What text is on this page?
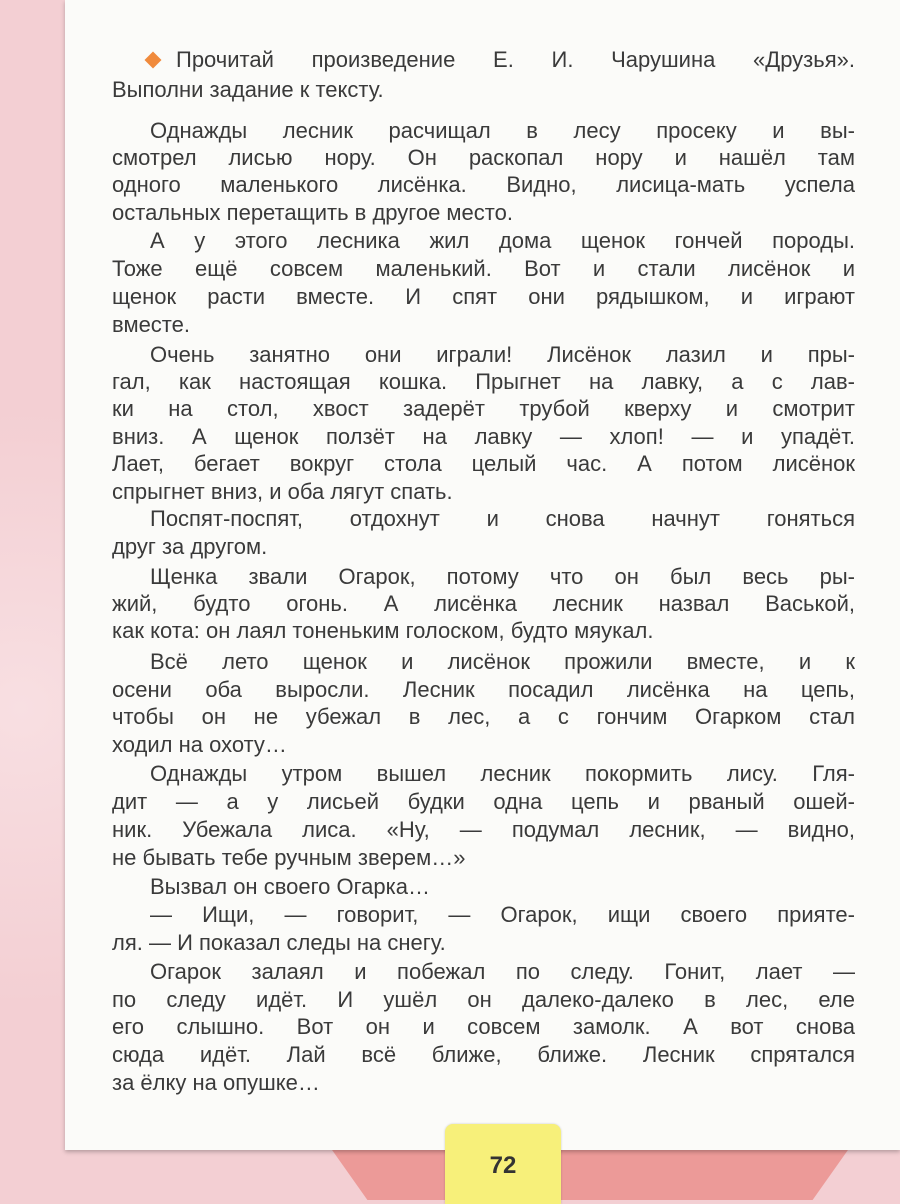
72
Прочитай произведение Е. И. Чарушина «Друзья».
Выполни задание к тексту.
Однажды лесник расчищал в лесу просеку и вы-
смотрел лисью нору. Он раскопал нору и нашёл там
одного маленького лисёнка. Видно, лисица-мать успела
остальных перетащить в другое место.
А у этого лесника жил дома щенок гончей породы.
Тоже ещё совсем маленький. Вот и стали лисёнок и
щенок расти вместе. И спят они рядышком, и играют
вместе.
Очень занятно они играли! Лисёнок лазил и пры-
гал, как настоящая кошка. Прыгнет на лавку, а с лав-
ки на стол, хвост задерёт трубой кверху и смотрит
вниз. А щенок ползёт на лавку — хлоп! — и упадёт.
Лает, бегает вокруг стола целый час. А потом лисёнок
спрыгнет вниз, и оба лягут спать.
Поспят-поспят, отдохнут и снова начнут гоняться
друг за другом.
Щенка звали Огарок, потому что он был весь ры-
жий, будто огонь. А лисёнка лесник назвал Васькой,
как кота: он лаял тоненьким голоском, будто мяукал.
Всё лето щенок и лисёнок прожили вместе, и к
осени оба выросли. Лесник посадил лисёнка на цепь,
чтобы он не убежал в лес, а с гончим Огарком стал
ходил на охоту…
Однажды утром вышел лесник покормить лису. Гля-
дит — а у лисьей будки одна цепь и рваный ошей-
ник. Убежала лиса. «Ну, — подумал лесник, — видно,
не бывать тебе ручным зверем…»
Вызвал он своего Огарка…
— Ищи, — говорит, — Огарок, ищи своего прияте-
ля. — И показал следы на снегу.
Огарок залаял и побежал по следу. Гонит, лает —
по следу идёт. И ушёл он далеко-далеко в лес, еле
его слышно. Вот он и совсем замолк. А вот снова
сюда идёт. Лай всё ближе, ближе. Лесник спрятался
за ёлку на опушке…
